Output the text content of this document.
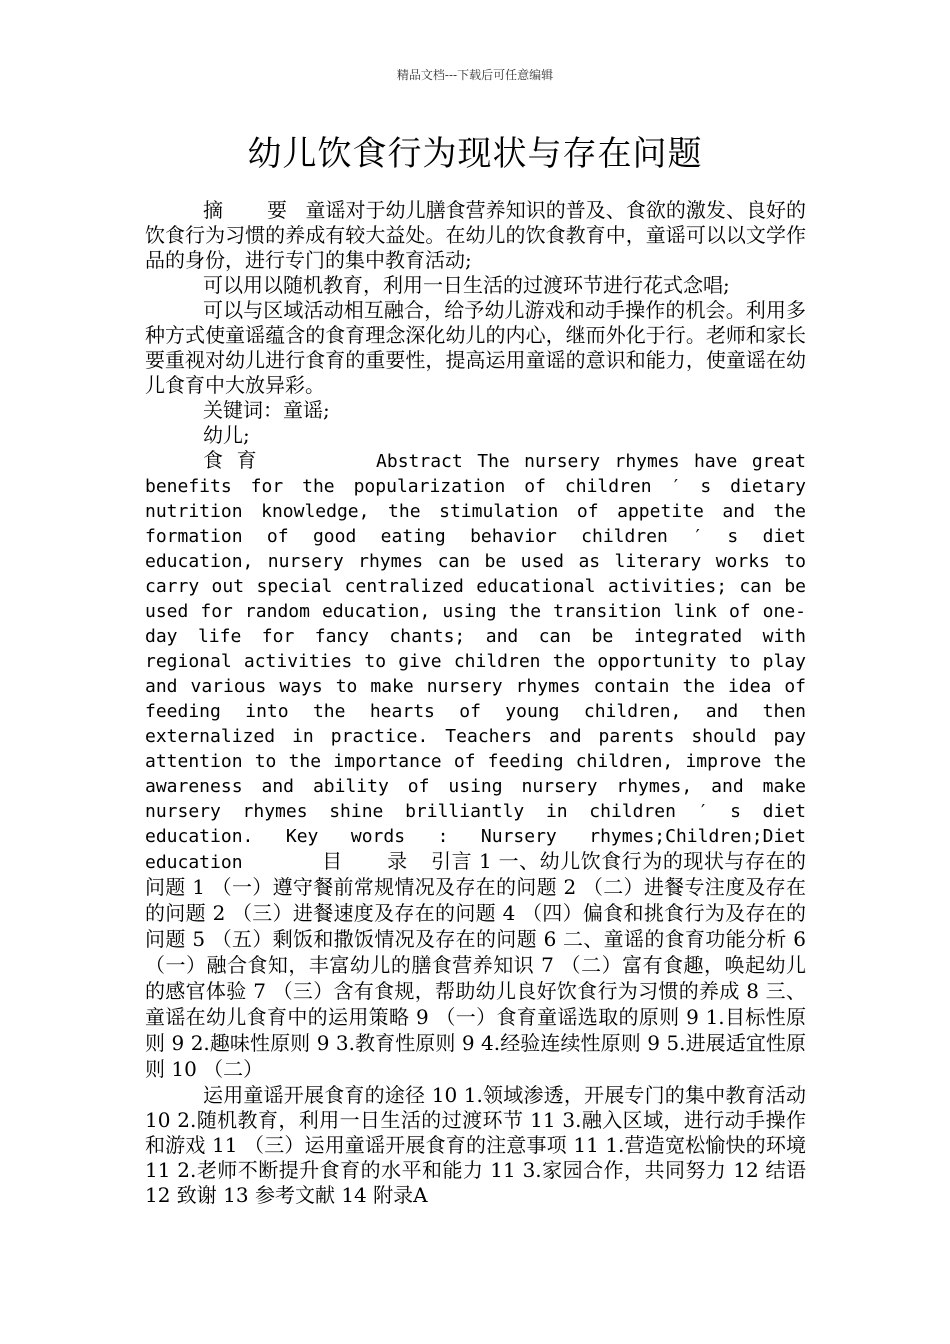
精品文档---下载后可任意编辑
幼儿饮食行为现状与存在问题

摘　要 童谣对于幼儿膳食营养知识的普及、食欲的激发、良好的饮食行为习惯的养成有较大益处。在幼儿的饮食教育中，童谣可以以文学作品的身份，进行专门的集中教育活动;

可以用以随机教育，利用一日生活的过渡环节进行花式念唱;

可以与区域活动相互融合，给予幼儿游戏和动手操作的机会。利用多种方式使童谣蕴含的食育理念深化幼儿的内心，继而外化于行。老师和家长要重视对幼儿进行食育的重要性，提高运用童谣的意识和能力，使童谣在幼儿食育中大放异彩。

关键词：童谣;

幼儿;

食 育	Abstract The nursery rhymes have great benefits for the popularization of children ′ s dietary nutrition knowledge, the stimulation of appetite and the formation of good eating behavior children ′ s diet education, nursery rhymes can be used as literary works to carry out special centralized educational activities; can be used for random education, using the transition link of one-day life for fancy chants; and can be integrated with regional activities to give children the opportunity to play and various ways to make nursery rhymes contain the idea of feeding into the hearts of young children, and then externalized in practice. Teachers and parents should pay attention to the importance of feeding children, improve the awareness and ability of using nursery rhymes, and make nursery rhymes shine brilliantly in children ′ s diet education. Key words : Nursery rhymes;Children;Diet education	目　录 引言 1 一、幼儿饮食行为的现状与存在的问题 1 （一）遵守餐前常规情况及存在的问题 2 （二）进餐专注度及存在的问题 2 （三）进餐速度及存在的问题 4 （四）偏食和挑食行为及存在的问题 5 （五）剩饭和撒饭情况及存在的问题 6 二、童谣的食育功能分析 6 （一）融合食知，丰富幼儿的膳食营养知识 7 （二）富有食趣，唤起幼儿的感官体验 7 （三）含有食规，帮助幼儿良好饮食行为习惯的养成 8 三、童谣在幼儿食育中的运用策略 9 （一）食育童谣选取的原则 9 1.目标性原则 9 2.趣味性原则 9 3.教育性原则 9 4.经验连续性原则 9 5.进展适宜性原则 10 （二）

运用童谣开展食育的途径 10 1.领域渗透，开展专门的集中教育活动 10 2.随机教育，利用一日生活的过渡环节 11 3.融入区域，进行动手操作和游戏 11 （三）运用童谣开展食育的注意事项 11 1.营造宽松愉快的环境 11 2.老师不断提升食育的水平和能力 11 3.家园合作，共同努力 12 结语 12 致谢 13 参考文献 14 附录A
